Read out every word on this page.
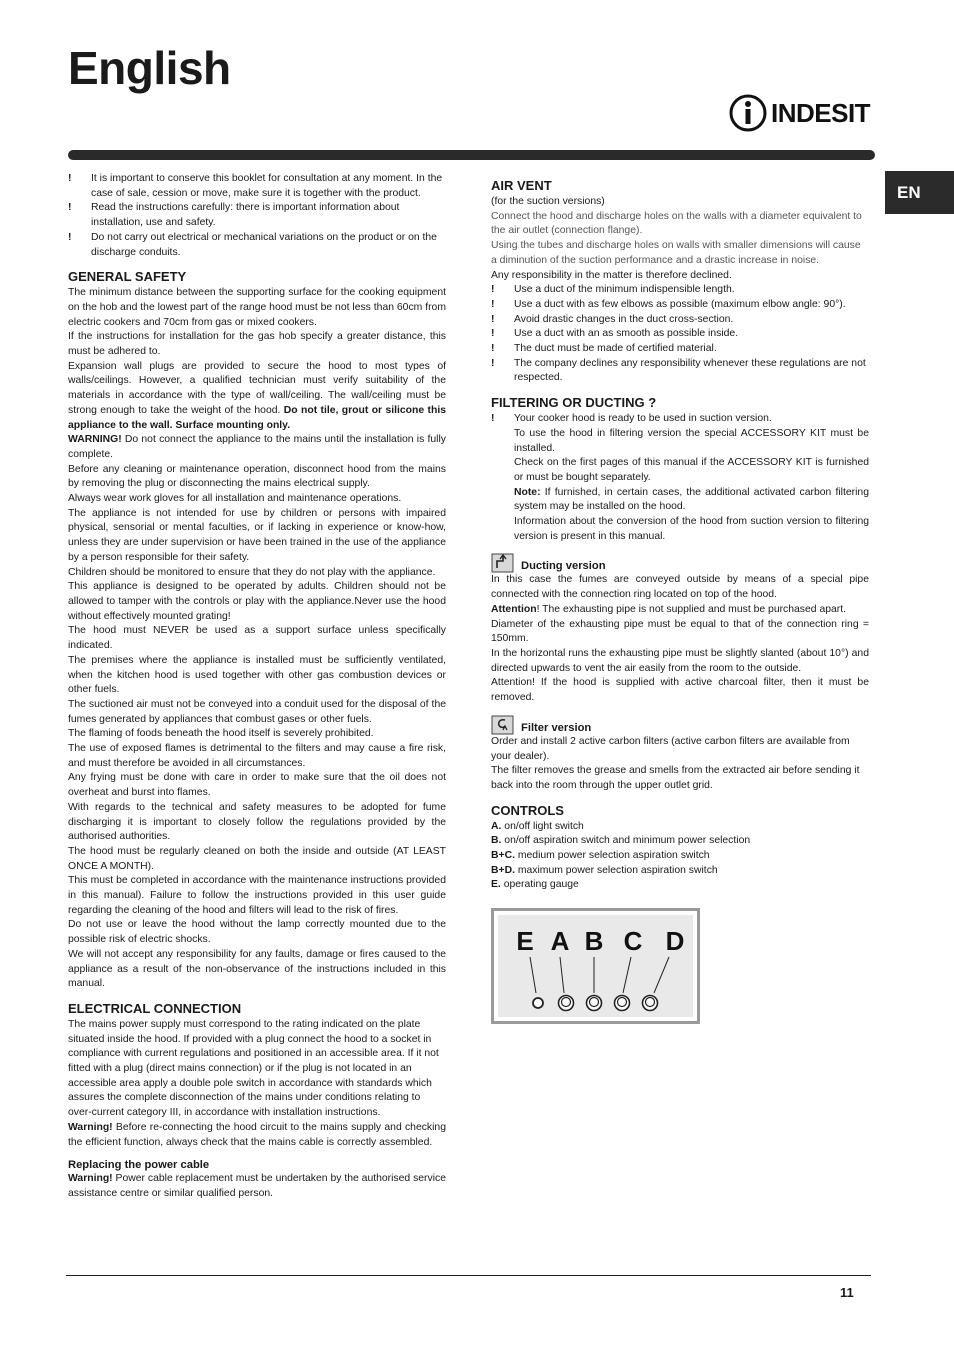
English
INDESIT
EN
! It is important to conserve this booklet for consultation at any moment. In the case of sale, cession or move, make sure it is together with the product.
! Read the instructions carefully: there is important information about installation, use and safety.
! Do not carry out electrical or mechanical variations on the product or on the discharge conduits.
GENERAL SAFETY

The minimum distance between the supporting surface for the cooking equipment on the hob and the lowest part of the range hood must be not less than 60cm from electric cookers and 70cm from gas or mixed cookers.

If the instructions for installation for the gas hob specify a greater distance, this must be adhered to.

Expansion wall plugs are provided to secure the hood to most types of walls/ceilings. However, a qualified technician must verify suitability of the materials in accordance with the type of wall/ceiling. The wall/ceiling must be strong enough to take the weight of the hood. Do not tile, grout or silicone this appliance to the wall. Surface mounting only.

WARNING! Do not connect the appliance to the mains until the installation is fully complete.

Before any cleaning or maintenance operation, disconnect hood from the mains by removing the plug or disconnecting the mains electrical supply.

Always wear work gloves for all installation and maintenance operations.

The appliance is not intended for use by children or persons with impaired physical, sensorial or mental faculties, or if lacking in experience or know-how, unless they are under supervision or have been trained in the use of the appliance by a person responsible for their safety.

Children should be monitored to ensure that they do not play with the appliance.

This appliance is designed to be operated by adults. Children should not be allowed to tamper with the controls or play with the appliance.Never use the hood without effectively mounted grating!

The hood must NEVER be used as a support surface unless specifically indicated.

The premises where the appliance is installed must be sufficiently ventilated, when the kitchen hood is used together with other gas combustion devices or other fuels.

The suctioned air must not be conveyed into a conduit used for the disposal of the fumes generated by appliances that combust gases or other fuels.

The flaming of foods beneath the hood itself is severely prohibited.

The use of exposed flames is detrimental to the filters and may cause a fire risk, and must therefore be avoided in all circumstances.

Any frying must be done with care in order to make sure that the oil does not overheat and burst into flames.

With regards to the technical and safety measures to be adopted for fume discharging it is important to closely follow the regulations provided by the authorised authorities.

The hood must be regularly cleaned on both the inside and outside (AT LEAST ONCE A MONTH).

This must be completed in accordance with the maintenance instructions provided in this manual). Failure to follow the instructions provided in this user guide regarding the cleaning of the hood and filters will lead to the risk of fires.

Do not use or leave the hood without the lamp correctly mounted due to the possible risk of electric shocks.

We will not accept any responsibility for any faults, damage or fires caused to the appliance as a result of the non-observance of the instructions included in this manual.

ELECTRICAL CONNECTION

The mains power supply must correspond to the rating indicated on the plate situated inside the hood. If provided with a plug connect the hood to a socket in compliance with current regulations and positioned in an accessible area. If it not fitted with a plug (direct mains connection) or if the plug is not located in an accessible area apply a double pole switch in accordance with standards which assures the complete disconnection of the mains under conditions relating to over-current category III, in accordance with installation instructions.

Warning! Before re-connecting the hood circuit to the mains supply and checking the efficient function, always check that the mains cable is correctly assembled.

Replacing the power cable

Warning! Power cable replacement must be undertaken by the authorised service assistance centre or similar qualified person.

AIR VENT

(for the suction versions)

Connect the hood and discharge holes on the walls with a diameter equivalent to the air outlet (connection flange).

Using the tubes and discharge holes on walls with smaller dimensions will cause a diminution of the suction performance and a drastic increase in noise.

Any responsibility in the matter is therefore declined.

! Use a duct of the minimum indispensible length.
! Use a duct with as few elbows as possible (maximum elbow angle: 90°).
! Avoid drastic changes in the duct cross-section.
! Use a duct with an as smooth as possible inside.
! The duct must be made of certified material.
! The company declines any responsibility whenever these regulations are not respected.
FILTERING OR DUCTING ?
! Your cooker hood is ready to be used in suction version.

To use the hood in filtering version the special ACCESSORY KIT must be installed.

Check on the first pages of this manual if the ACCESSORY KIT is furnished or must be bought separately.

Note: If furnished, in certain cases, the additional activated carbon filtering system may be installed on the hood.

Information about the conversion of the hood from suction version to filtering version is present in this manual.

Ducting version

In this case the fumes are conveyed outside by means of a special pipe connected with the connection ring located on top of the hood.

Attention! The exhausting pipe is not supplied and must be purchased apart.

Diameter of the exhausting pipe must be equal to that of the connection ring = 150mm.

In the horizontal runs the exhausting pipe must be slightly slanted (about 10°) and directed upwards to vent the air easily from the room to the outside.

Attention! If the hood is supplied with active charcoal filter, then it must be removed.

Filter version

Order and install 2 active carbon filters (active carbon filters are available from your dealer).

The filter removes the grease and smells from the extracted air before sending it back into the room through the upper outlet grid.

CONTROLS

A. on/off light switch

B. on/off aspiration switch and minimum power selection

B+C. medium power selection aspiration switch

B+D. maximum power selection aspiration switch

E. operating gauge

E A B C D
11
